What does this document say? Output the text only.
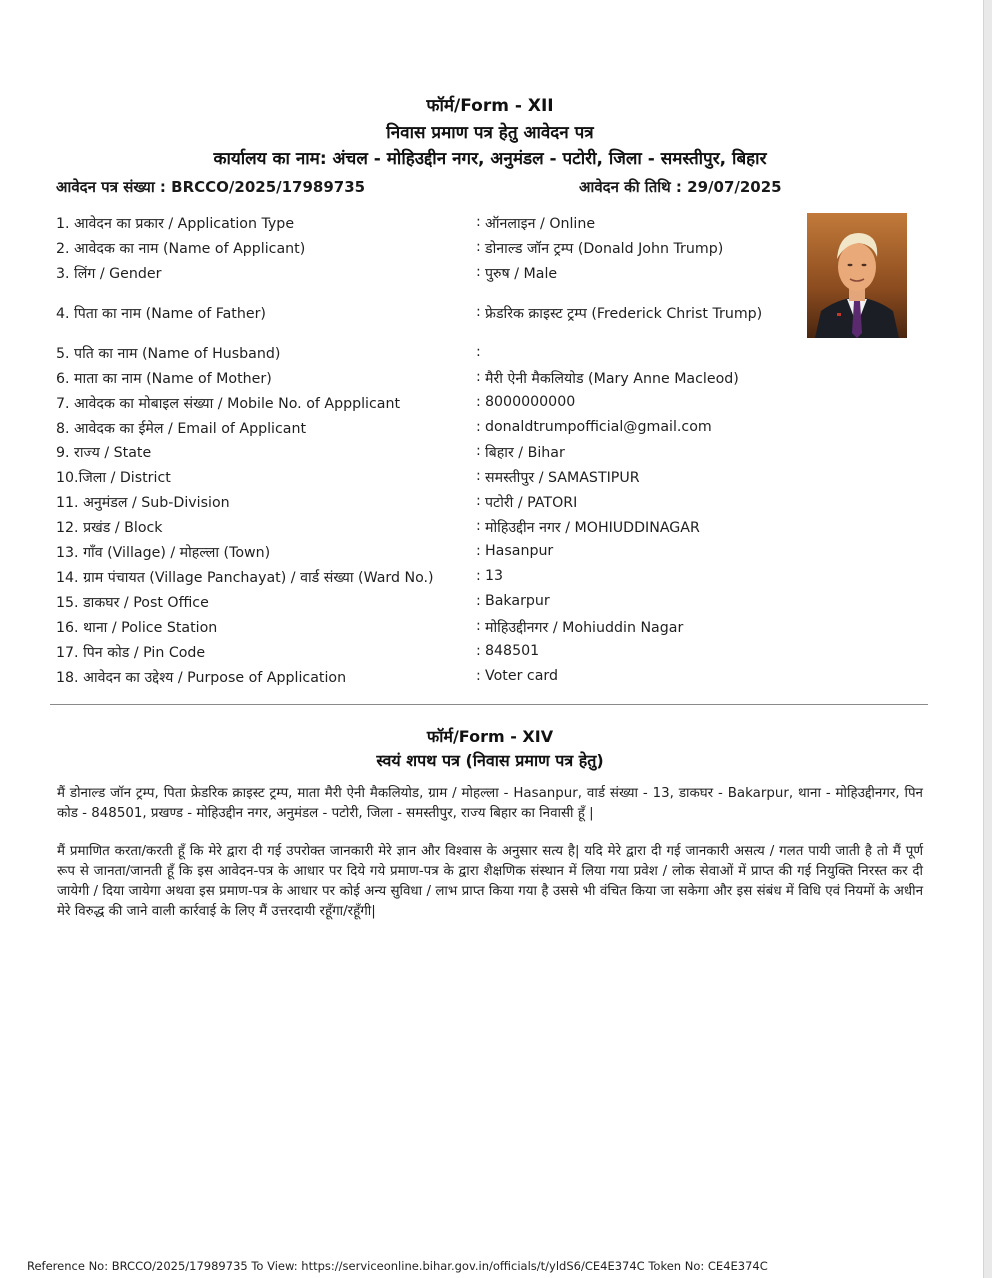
फॉर्म/Form - XII
निवास प्रमाण पत्र हेतु आवेदन पत्र
कार्यालय का नाम: अंचल - मोहिउद्दीन नगर, अनुमंडल - पटोरी, जिला - समस्तीपुर, बिहार
आवेदन पत्र संख्या : BRCCO/2025/17989735	आवेदन की तिथि : 29/07/2025
1. आवेदन का प्रकार / Application Type	: ऑनलाइन / Online
2. आवेदक का नाम (Name of Applicant)	: डोनाल्ड जॉन ट्रम्प (Donald John Trump)
3. लिंग / Gender	: पुरुष / Male
4. पिता का नाम (Name of Father)	: फ्रेडरिक क्राइस्ट ट्रम्प (Frederick Christ Trump)
5. पति का नाम (Name of Husband)	:
6. माता का नाम (Name of Mother)	: मैरी ऐनी मैकलियोड (Mary Anne Macleod)
7. आवेदक का मोबाइल संख्या / Mobile No. of Appplicant	: 8000000000
8. आवेदक का ईमेल / Email of Applicant	: donaldtrumpofficial@gmail.com
9. राज्य / State	: बिहार / Bihar
10.जिला / District	: समस्तीपुर / SAMASTIPUR
11. अनुमंडल / Sub-Division	: पटोरी / PATORI
12. प्रखंड / Block	: मोहिउद्दीन नगर / MOHIUDDINAGAR
13. गाँव (Village) / मोहल्ला (Town)	: Hasanpur
14. ग्राम पंचायत (Village Panchayat) / वार्ड संख्या (Ward No.)	: 13
15. डाकघर / Post Office	: Bakarpur
16. थाना / Police Station	: मोहिउद्दीनगर / Mohiuddin Nagar
17. पिन कोड / Pin Code	: 848501
18. आवेदन का उद्देश्य / Purpose of Application	: Voter card
फॉर्म/Form - XIV
स्वयं शपथ पत्र (निवास प्रमाण पत्र हेतु)
मैं डोनाल्ड जॉन ट्रम्प, पिता फ्रेडरिक क्राइस्ट ट्रम्प, माता मैरी ऐनी मैकलियोड, ग्राम / मोहल्ला - Hasanpur, वार्ड संख्या - 13, डाकघर - Bakarpur, थाना - मोहिउद्दीनगर, पिन कोड - 848501, प्रखण्ड - मोहिउद्दीन नगर, अनुमंडल - पटोरी, जिला - समस्तीपुर, राज्य बिहार का निवासी हूँ |
मैं प्रमाणित करता/करती हूँ कि मेरे द्वारा दी गई उपरोक्त जानकारी मेरे ज्ञान और विश्वास के अनुसार सत्य है| यदि मेरे द्वारा दी गई जानकारी असत्य / गलत पायी जाती है तो मैं पूर्ण रूप से जानता/जानती हूँ कि इस आवेदन-पत्र के आधार पर दिये गये प्रमाण-पत्र के द्वारा शैक्षणिक संस्थान में लिया गया प्रवेश / लोक सेवाओं में प्राप्त की गई नियुक्ति निरस्त कर दी जायेगी / दिया जायेगा अथवा इस प्रमाण-पत्र के आधार पर कोई अन्य सुविधा / लाभ प्राप्त किया गया है उससे भी वंचित किया जा सकेगा और इस संबंध में विधि एवं नियमों के अधीन मेरे विरुद्ध की जाने वाली कार्रवाई के लिए मैं उत्तरदायी रहूँगा/रहूँगी|
Reference No: BRCCO/2025/17989735 To View: https://serviceonline.bihar.gov.in/officials/t/yldS6/CE4E374C Token No: CE4E374C
